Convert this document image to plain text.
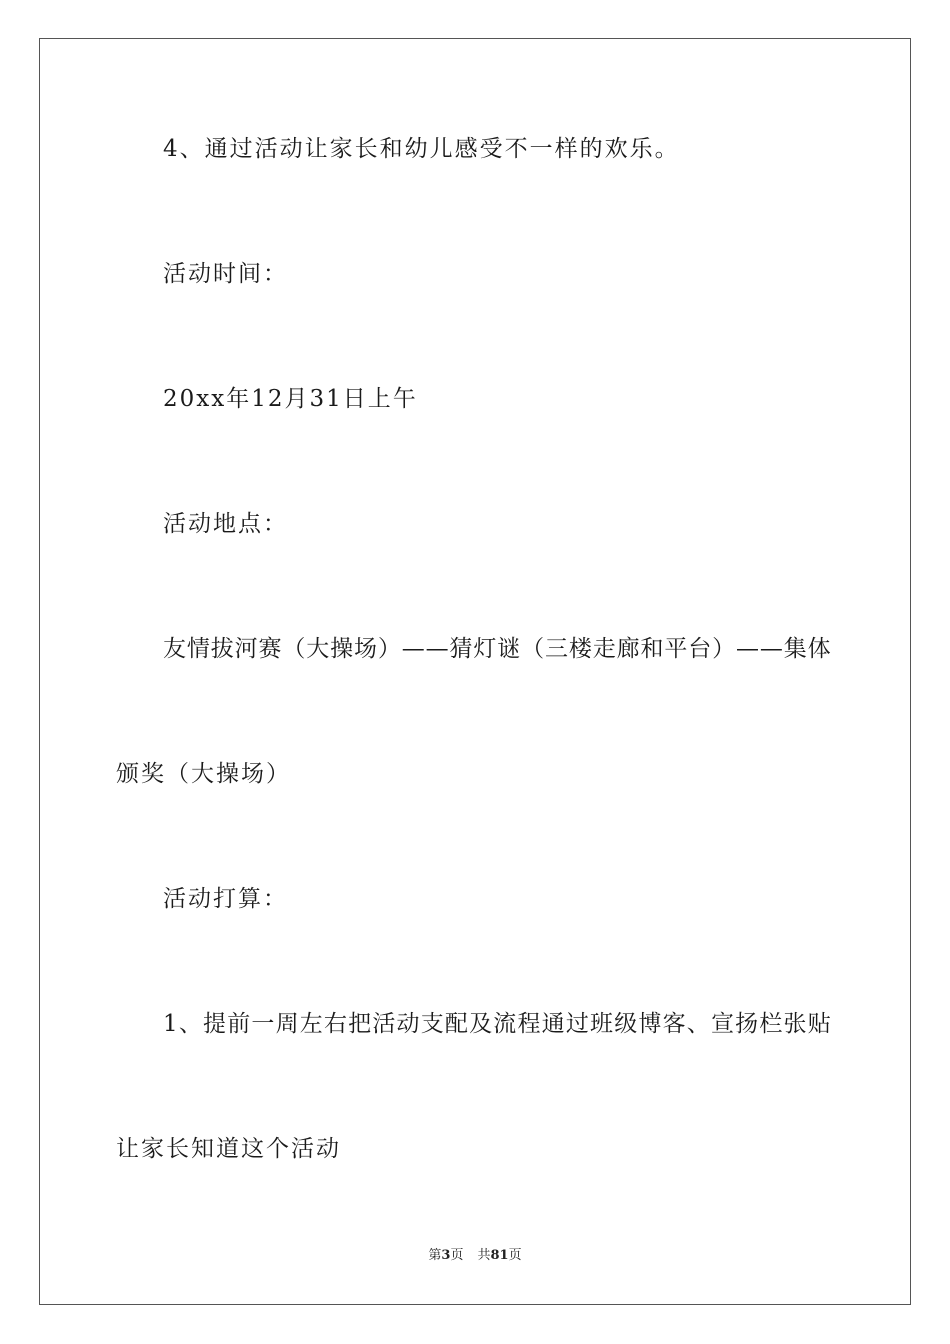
4、通过活动让家长和幼儿感受不一样的欢乐。
活动时间：
20xx年12月31日上午
活动地点：
友 情 拔 河 赛 （ 大 操 场 ） — — 猜 灯 谜 （ 三 楼 走 廊 和 平 台 ） — — 集 体
颁奖（大操场）
活动打算：
1 、 提 前 一 周 左 右 把 活 动 支 配 及 流 程 通 过 班 级 博 客 、 宣 扬 栏 张 贴
让家长知道这个活动
第3页 共81页
